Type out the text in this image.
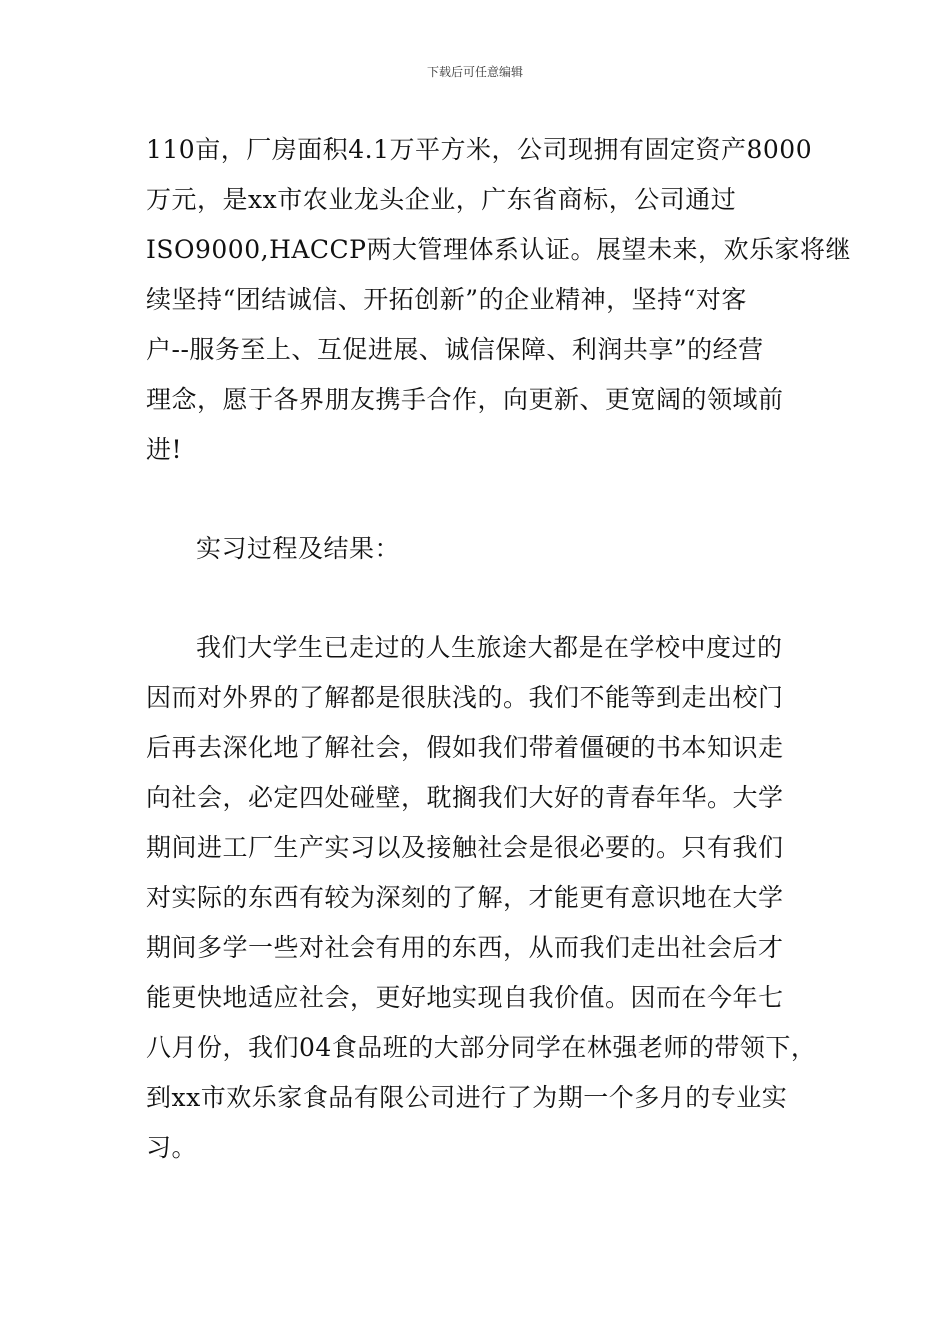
下载后可任意编辑
110亩，厂房面积4.1万平方米，公司现拥有固定资产8000
万元，是xx市农业龙头企业，广东省商标，公司通过
ISO9000,HACCP两大管理体系认证。展望未来，欢乐家将继
续坚持“团结诚信、开拓创新”的企业精神，坚持“对客
户--服务至上、互促进展、诚信保障、利润共享”的经营
理念，愿于各界朋友携手合作，向更新、更宽阔的领域前
进!
实习过程及结果：
我们大学生已走过的人生旅途大都是在学校中度过的
因而对外界的了解都是很肤浅的。我们不能等到走出校门
后再去深化地了解社会，假如我们带着僵硬的书本知识走
向社会，必定四处碰壁，耽搁我们大好的青春年华。大学
期间进工厂生产实习以及接触社会是很必要的。只有我们
对实际的东西有较为深刻的了解，才能更有意识地在大学
期间多学一些对社会有用的东西，从而我们走出社会后才
能更快地适应社会，更好地实现自我价值。因而在今年七
八月份，我们04食品班的大部分同学在林强老师的带领下，
到xx市欢乐家食品有限公司进行了为期一个多月的专业实
习。
